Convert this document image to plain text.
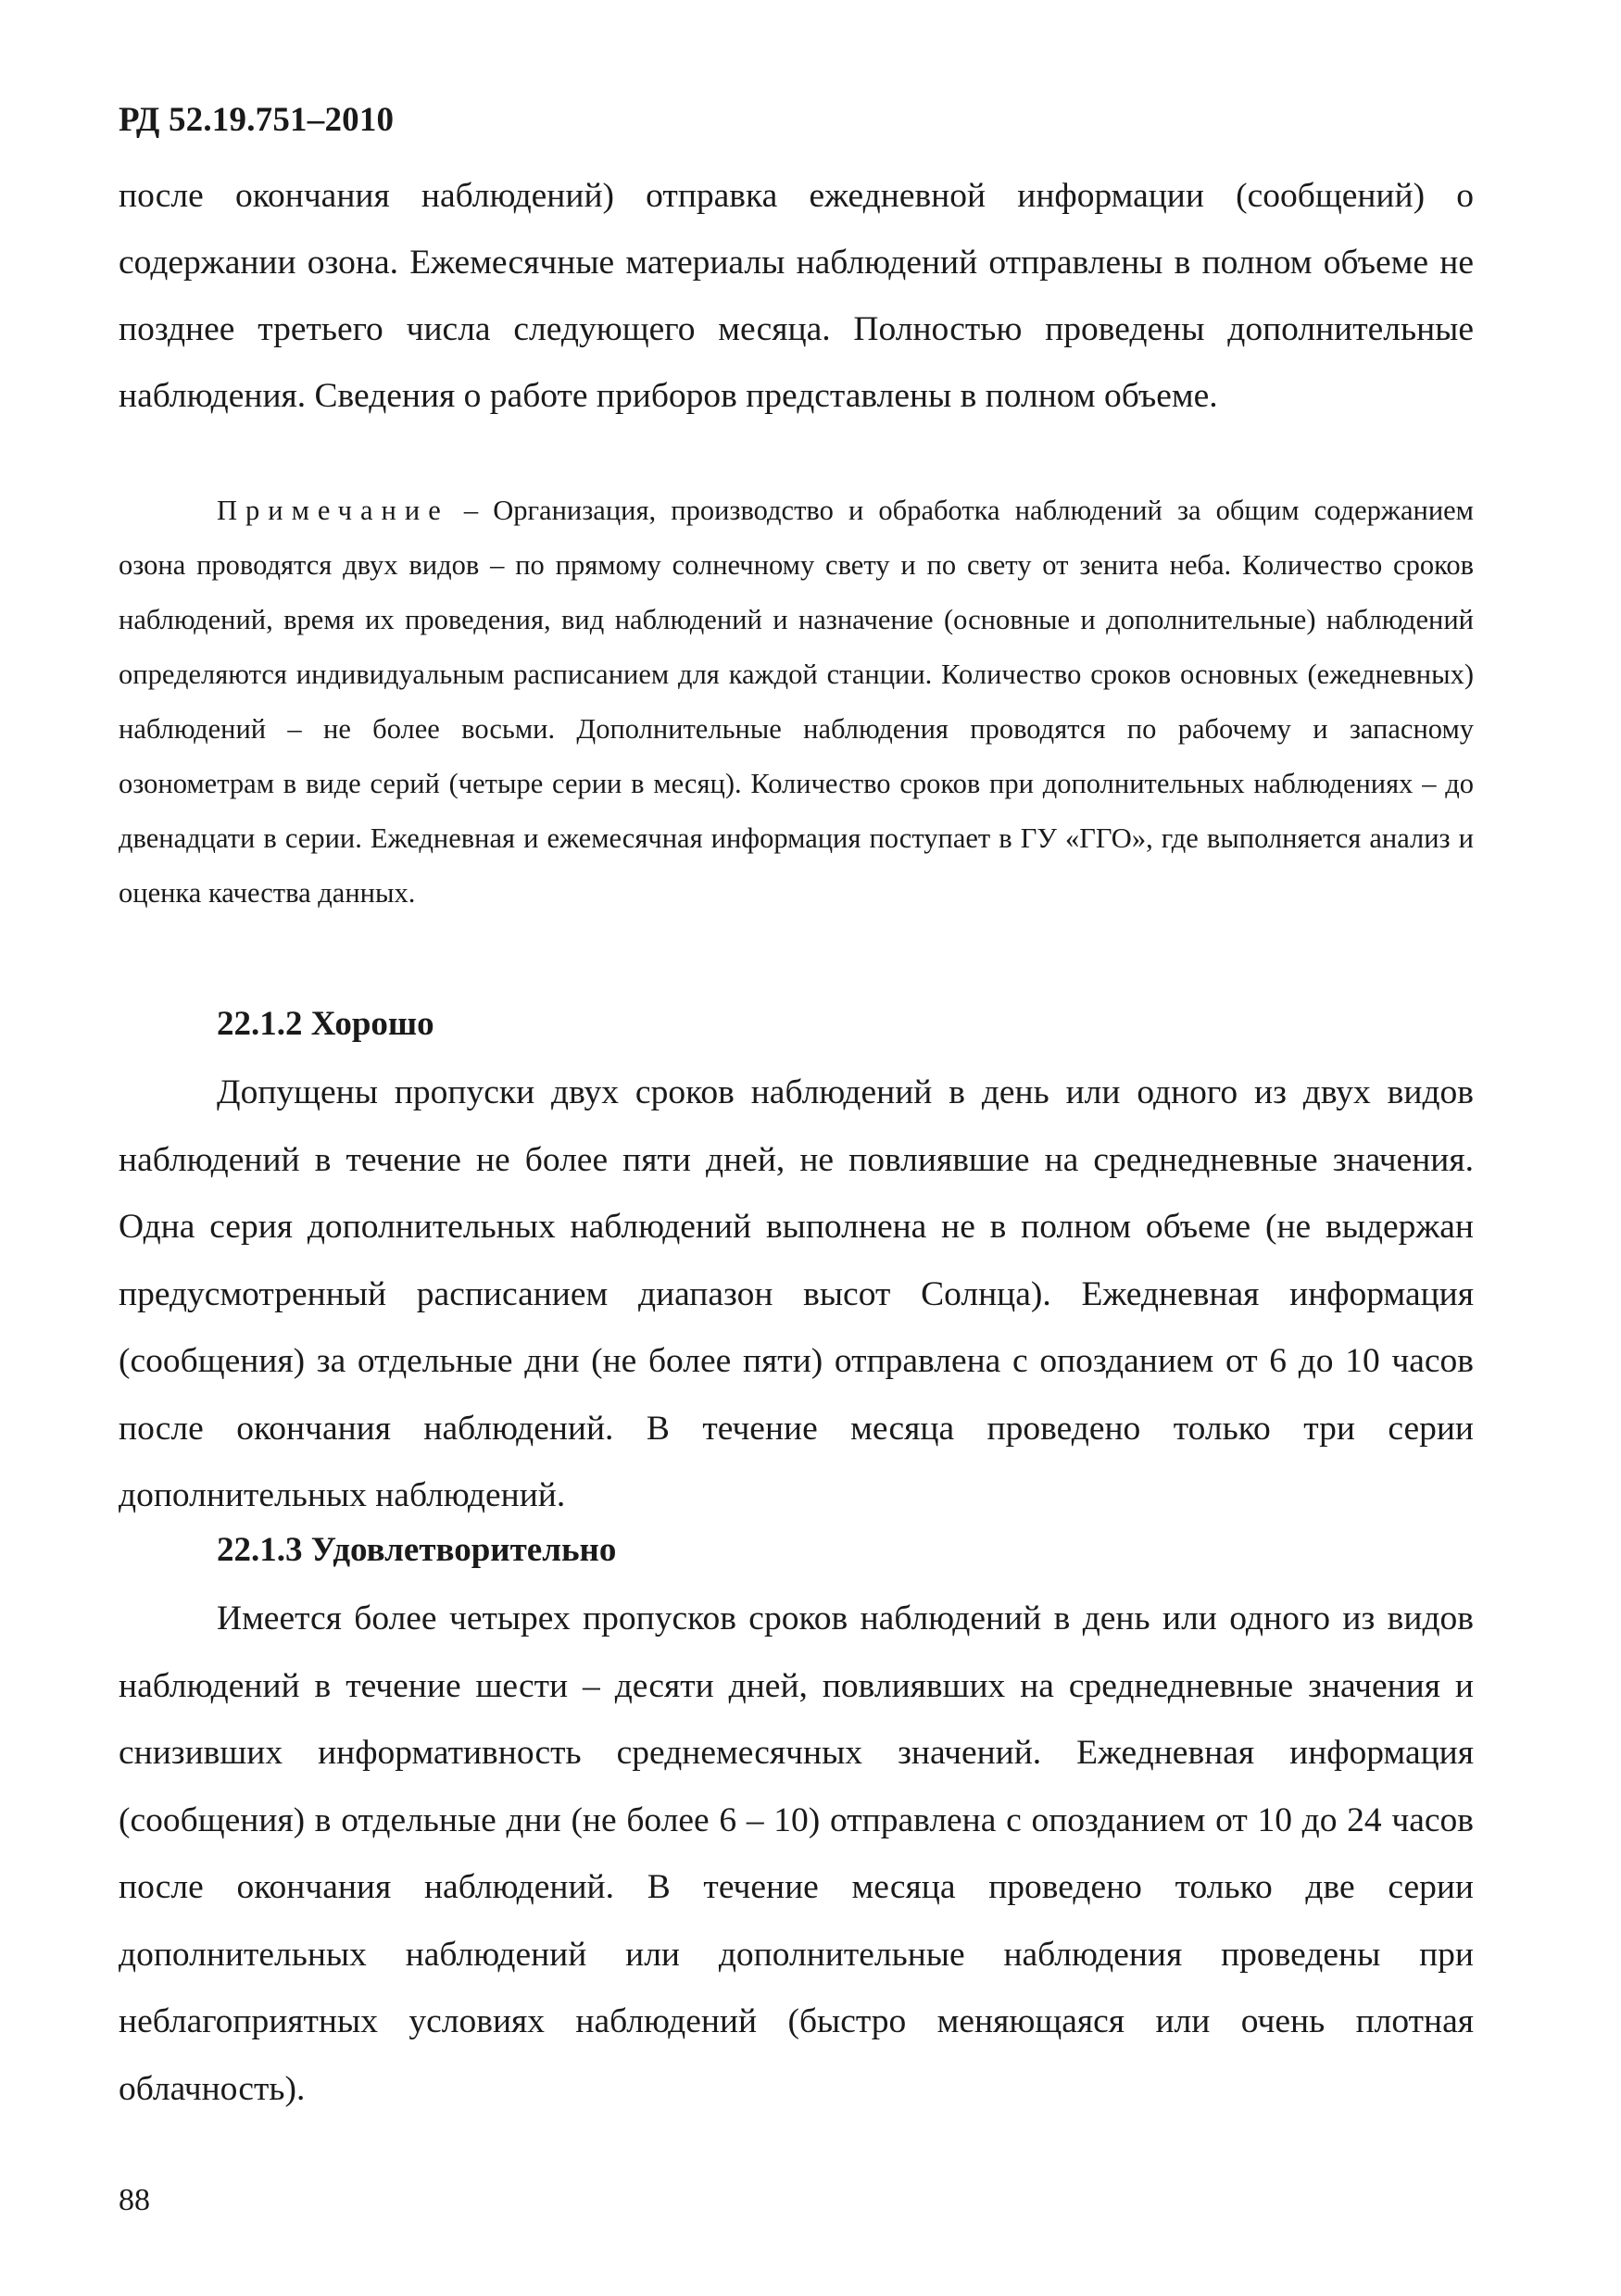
РД 52.19.751–2010
после окончания наблюдений) отправка ежедневной информации (сообщений) о содержании озона. Ежемесячные материалы наблюдений отправлены в полном объеме не позднее третьего числа следующего месяца. Полностью проведены дополнительные наблюдения. Сведения о работе приборов представлены в полном объеме.
Примечание – Организация, производство и обработка наблюдений за общим содержанием озона проводятся двух видов – по прямому солнечному свету и по свету от зенита неба. Количество сроков наблюдений, время их проведения, вид наблюдений и назначение (основные и дополнительные) наблюдений определяются индивидуальным расписанием для каждой станции. Количество сроков основных (ежедневных) наблюдений – не более восьми. Дополнительные наблюдения проводятся по рабочему и запасному озонометрам в виде серий (четыре серии в месяц). Количество сроков при дополнительных наблюдениях – до двенадцати в серии. Ежедневная и ежемесячная информация поступает в ГУ «ГГО», где выполняется анализ и оценка качества данных.
22.1.2 Хорошо
Допущены пропуски двух сроков наблюдений в день или одного из двух видов наблюдений в течение не более пяти дней, не повлиявшие на среднедневные значения. Одна серия дополнительных наблюдений выполнена не в полном объеме (не выдержан предусмотренный расписанием диапазон высот Солнца). Ежедневная информация (сообщения) за отдельные дни (не более пяти) отправлена с опозданием от 6 до 10 часов после окончания наблюдений. В течение месяца проведено только три серии дополнительных наблюдений.
22.1.3 Удовлетворительно
Имеется более четырех пропусков сроков наблюдений в день или одного из видов наблюдений в течение шести – десяти дней, повлиявших на среднедневные значения и снизивших информативность среднемесячных значений. Ежедневная информация (сообщения) в отдельные дни (не более 6 – 10) отправлена с опозданием от 10 до 24 часов после окончания наблюдений. В течение месяца проведено только две серии дополнительных наблюдений или дополнительные наблюдения проведены при неблагоприятных условиях наблюдений (быстро меняющаяся или очень плотная облачность).
88
